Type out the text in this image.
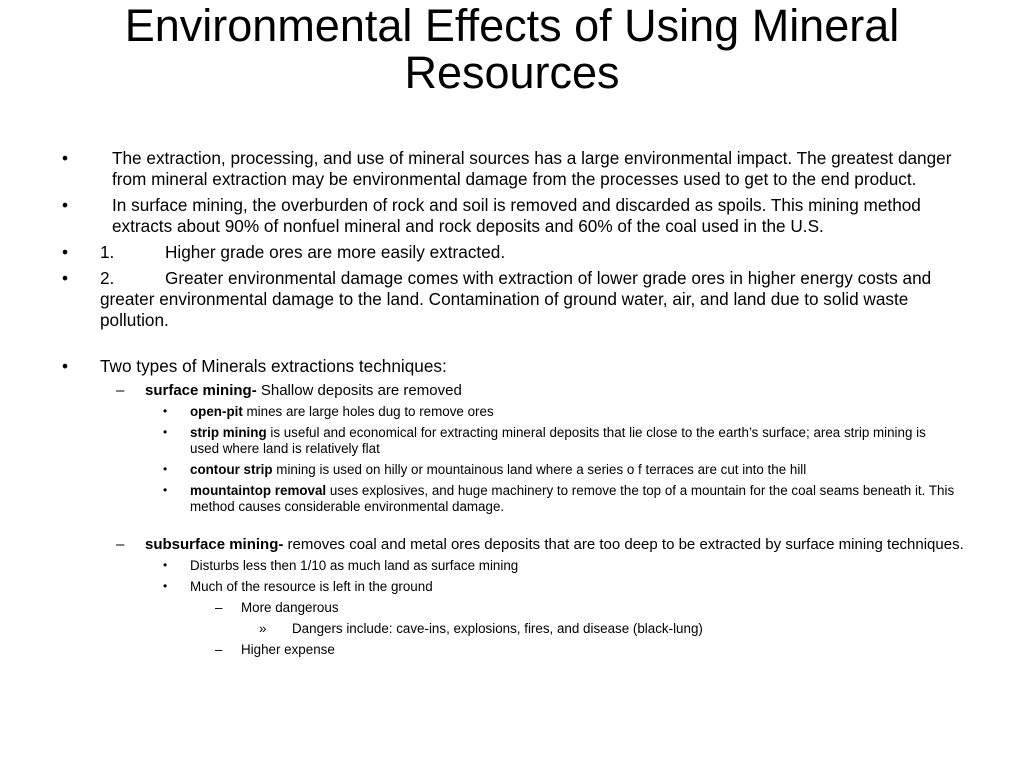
Environmental Effects of Using Mineral Resources
•	The extraction, processing, and use of mineral sources has a large environmental impact. The greatest danger from mineral extraction may be environmental damage from the processes used to get to the end product.
•	In surface mining, the overburden of rock and soil is removed and discarded as spoils. This mining method extracts about 90% of nonfuel mineral and rock deposits and 60% of the coal used in the U.S.
• 1.	Higher grade ores are more easily extracted.
• 2.	Greater environmental damage comes with extraction of lower grade ores in higher energy costs and greater environmental damage to the land. Contamination of ground water, air, and land due to solid waste pollution.
• Two types of Minerals extractions techniques:
– surface mining- Shallow deposits are removed
• open-pit mines are large holes dug to remove ores
• strip mining is useful and economical for extracting mineral deposits that lie close to the earth’s surface; area strip mining is used where land is relatively flat
• contour strip mining is used on hilly or mountainous land where a series o f terraces are cut into the hill
• mountaintop removal uses explosives, and huge machinery to remove the top of a mountain for the coal seams beneath it. This method causes considerable environmental damage.
– subsurface mining- removes coal and metal ores deposits that are too deep to be extracted by surface mining techniques.
• Disturbs less then 1/10 as much land as surface mining
• Much of the resource is left in the ground
– More dangerous
» Dangers include: cave-ins, explosions, fires, and disease (black-lung)
– Higher expense
